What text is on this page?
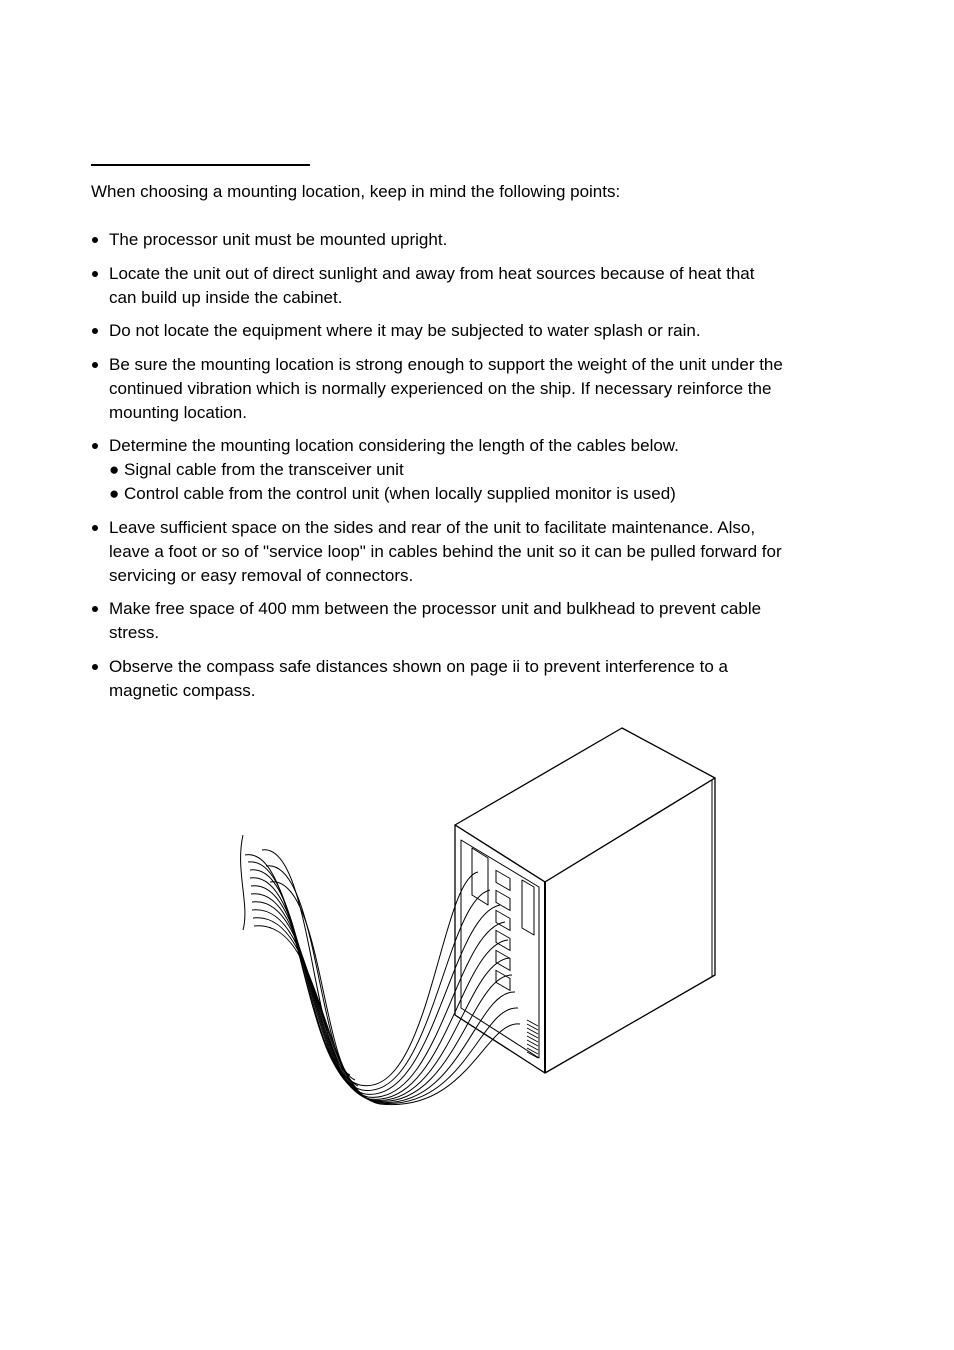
When choosing a mounting location, keep in mind the following points:

The processor unit must be mounted upright.
Locate the unit out of direct sunlight and away from heat sources because of heat that
can build up inside the cabinet.
Do not locate the equipment where it may be subjected to water splash or rain.
Be sure the mounting location is strong enough to support the weight of the unit under the
continued vibration which is normally experienced on the ship. If necessary reinforce the
mounting location.
Determine the mounting location considering the length of the cables below.
● Signal cable from the transceiver unit
● Control cable from the control unit (when locally supplied monitor is used)
Leave sufficient space on the sides and rear of the unit to facilitate maintenance. Also,
leave a foot or so of "service loop" in cables behind the unit so it can be pulled forward for
servicing or easy removal of connectors.
Make free space of 400 mm between the processor unit and bulkhead to prevent cable
stress.
Observe the compass safe distances shown on page ii to prevent interference to a
magnetic compass.
